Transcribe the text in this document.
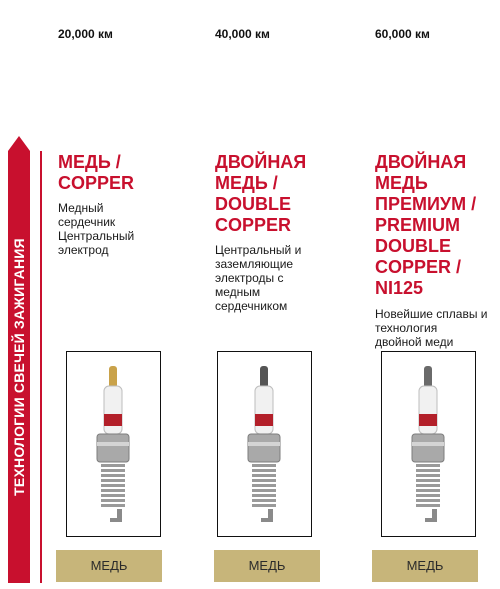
20,000 км	40,000 км	60,000 км
ТЕХНОЛОГИИ СВЕЧЕЙ ЗАЖИГАНИЯ
МЕДЬ /
COPPER
Медный
сердечник
Центральный
электрод
ДВОЙНАЯ
МЕДЬ /
DOUBLE
COPPER
Центральный и
заземляющие
электроды с
медным
сердечником
ДВОЙНАЯ
МЕДЬ
ПРЕМИУМ /
PREMIUM
DOUBLE
COPPER /
NI125
Новейшие сплавы и
технология
двойной меди
МЕДЬ	МЕДЬ	МЕДЬ
